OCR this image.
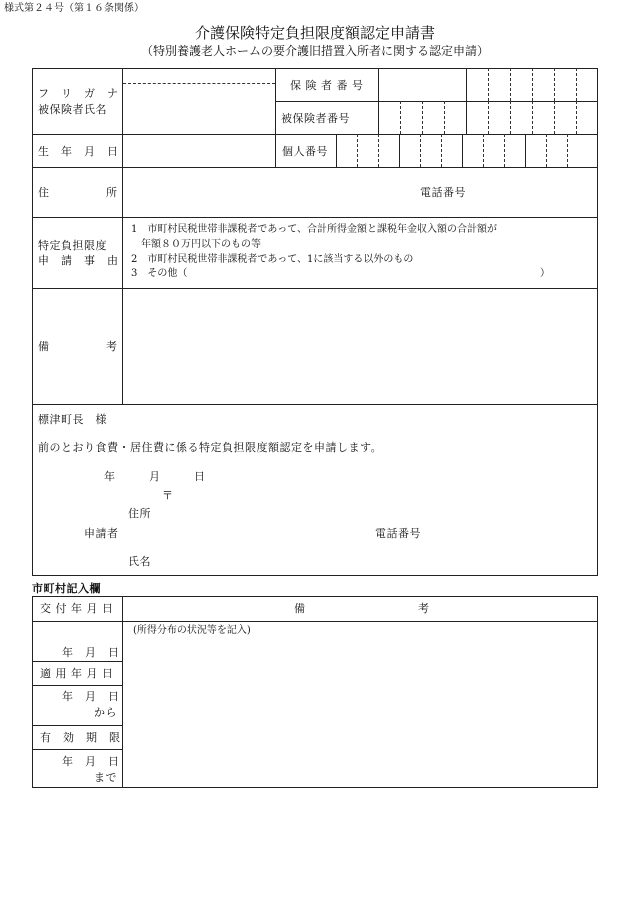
様式第２４号（第１６条関係）
介護保険特定負担限度額認定申請書
（特別養護老人ホームの要介護旧措置入所者に関する認定申請）
フ　リ　ガ　ナ
被保険者氏名
保 険 者 番 号
被保険者番号
生　年　月　日	個人番号
住	所	電話番号
特定負担限度
申　請　事　由
1　市町村民税世帯非課税者であって、合計所得金額と課税年金収入額の合計額が
　年額８０万円以下のもの等
2　市町村民税世帯非課税者であって、1に該当する以外のもの
3　その他（	）
備	考
標津町長　様
前のとおり食費・居住費に係る特定負担限度額認定を申請します。
年	月	日
〒
住所
申請者	電話番号
氏名
市町村記入欄
交 付 年 月 日	備	考
(所得分布の状況等を記入)
年　月　日
適 用 年 月 日
年　月　日
から
有　効　期　限
年　月　日
まで
